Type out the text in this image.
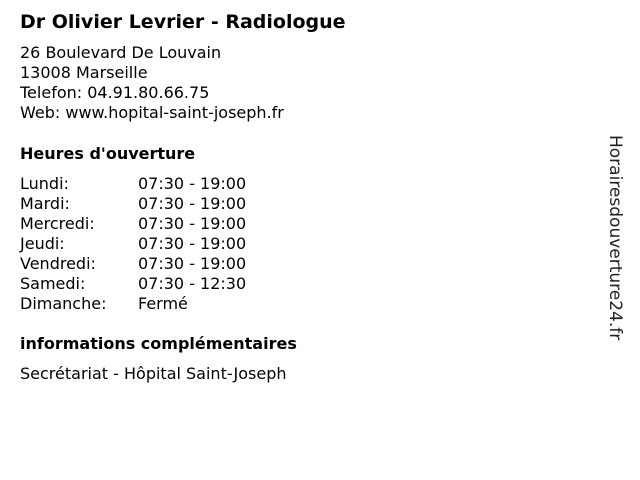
Dr Olivier Levrier - Radiologue
26 Boulevard De Louvain
13008 Marseille
Telefon: 04.91.80.66.75
Web: www.hopital-saint-joseph.fr
Heures d'ouverture
Lundi:	07:30 - 19:00
Mardi:	07:30 - 19:00
Mercredi:	07:30 - 19:00
Jeudi:	07:30 - 19:00
Vendredi:	07:30 - 19:00
Samedi:	07:30 - 12:30
Dimanche: Fermé
informations complémentaires
Secrétariat - Hôpital Saint-Joseph
Horairesdouverture24.fr
